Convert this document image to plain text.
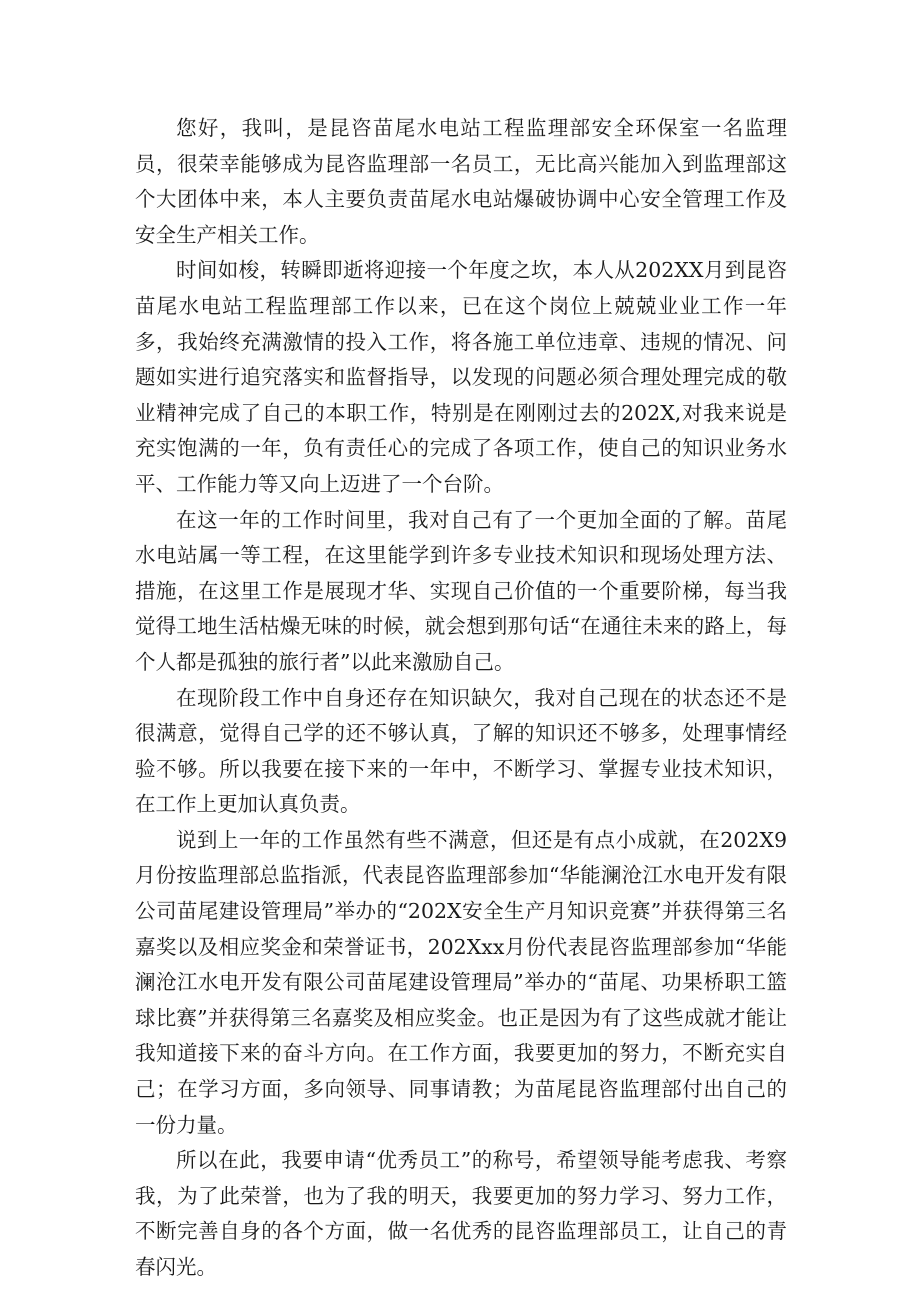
您好，我叫，是昆咨苗尾水电站工程监理部安全环保室一名监理员，很荣幸能够成为昆咨监理部一名员工，无比高兴能加入到监理部这个大团体中来，本人主要负责苗尾水电站爆破协调中心安全管理工作及安全生产相关工作。

时间如梭，转瞬即逝将迎接一个年度之坎，本人从202XX月到昆咨苗尾水电站工程监理部工作以来，已在这个岗位上兢兢业业工作一年多，我始终充满激情的投入工作，将各施工单位违章、违规的情况、问题如实进行追究落实和监督指导，以发现的问题必须合理处理完成的敬业精神完成了自己的本职工作，特别是在刚刚过去的202X,对我来说是充实饱满的一年，负有责任心的完成了各项工作，使自己的知识业务水平、工作能力等又向上迈进了一个台阶。

在这一年的工作时间里，我对自己有了一个更加全面的了解。苗尾水电站属一等工程，在这里能学到许多专业技术知识和现场处理方法、措施，在这里工作是展现才华、实现自己价值的一个重要阶梯，每当我觉得工地生活枯燥无味的时候，就会想到那句话“在通往未来的路上，每个人都是孤独的旅行者”以此来激励自己。

在现阶段工作中自身还存在知识缺欠，我对自己现在的状态还不是很满意，觉得自己学的还不够认真，了解的知识还不够多，处理事情经验不够。所以我要在接下来的一年中，不断学习、掌握专业技术知识，在工作上更加认真负责。

说到上一年的工作虽然有些不满意，但还是有点小成就，在202X9月份按监理部总监指派，代表昆咨监理部参加“华能澜沧江水电开发有限公司苗尾建设管理局”举办的“202X安全生产月知识竞赛”并获得第三名嘉奖以及相应奖金和荣誉证书，202Xxx月份代表昆咨监理部参加“华能澜沧江水电开发有限公司苗尾建设管理局”举办的“苗尾、功果桥职工篮球比赛”并获得第三名嘉奖及相应奖金。也正是因为有了这些成就才能让我知道接下来的奋斗方向。在工作方面，我要更加的努力，不断充实自己；在学习方面，多向领导、同事请教；为苗尾昆咨监理部付出自己的一份力量。

所以在此，我要申请“优秀员工”的称号，希望领导能考虑我、考察我，为了此荣誉，也为了我的明天，我要更加的努力学习、努力工作，不断完善自身的各个方面，做一名优秀的昆咨监理部员工，让自己的青春闪光。
